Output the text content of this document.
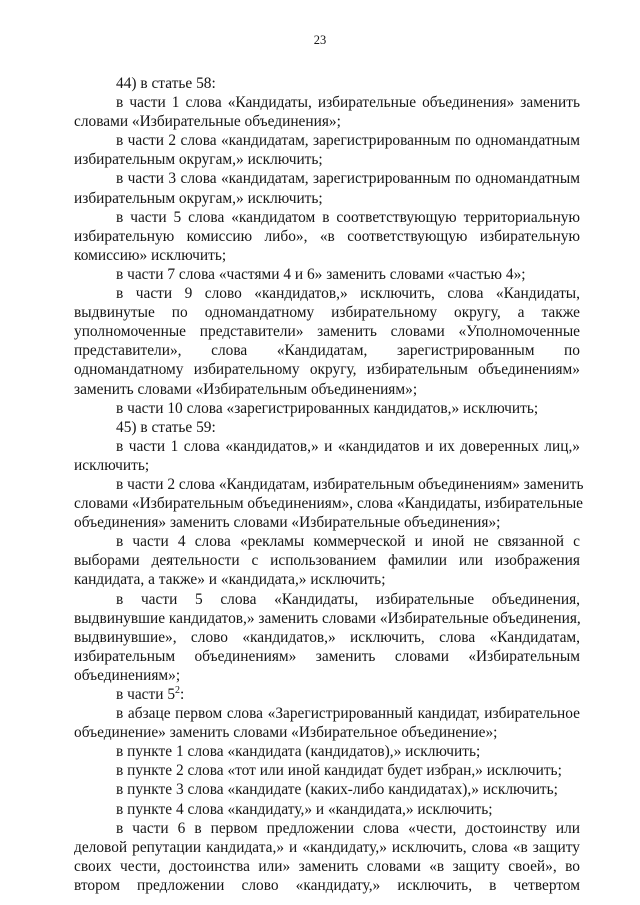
23
44) в статье 58:
в части 1 слова «Кандидаты, избирательные объединения» заменить
словами «Избирательные объединения»;
в части 2 слова «кандидатам, зарегистрированным по одномандатным
избирательным округам,» исключить;
в части 3 слова «кандидатам, зарегистрированным по одномандатным
избирательным округам,» исключить;
в части 5 слова «кандидатом в соответствующую территориальную
избирательную комиссию либо», «в соответствующую избирательную
комиссию» исключить;
в части 7 слова «частями 4 и 6» заменить словами «частью 4»;
в части 9 слово «кандидатов,» исключить, слова «Кандидаты,
выдвинутые по одномандатному избирательному округу, а также
уполномоченные представители» заменить словами «Уполномоченные
представители», слова «Кандидатам, зарегистрированным по
одномандатному избирательному округу, избирательным объединениям»
заменить словами «Избирательным объединениям»;
в части 10 слова «зарегистрированных кандидатов,» исключить;
45) в статье 59:
в части 1 слова «кандидатов,» и «кандидатов и их доверенных лиц,»
исключить;
в части 2 слова «Кандидатам, избирательным объединениям» заменить
словами «Избирательным объединениям», слова «Кандидаты, избирательные
объединения» заменить словами «Избирательные объединения»;
в части 4 слова «рекламы коммерческой и иной не связанной с
выборами деятельности с использованием фамилии или изображения
кандидата, а также» и «кандидата,» исключить;
в части 5 слова «Кандидаты, избирательные объединения,
выдвинувшие кандидатов,» заменить словами «Избирательные объединения,
выдвинувшие», слово «кандидатов,» исключить, слова «Кандидатам,
избирательным объединениям» заменить словами «Избирательным
объединениям»;
в части $5^2$:
в абзаце первом слова «Зарегистрированный кандидат, избирательное
объединение» заменить словами «Избирательное объединение»;
в пункте 1 слова «кандидата (кандидатов),» исключить;
в пункте 2 слова «тот или иной кандидат будет избран,» исключить;
в пункте 3 слова «кандидате (каких-либо кандидатах),» исключить;
в пункте 4 слова «кандидату,» и «кандидата,» исключить;
в части 6 в первом предложении слова «чести, достоинству или
деловой репутации кандидата,» и «кандидату,» исключить, слова «в защиту
своих чести, достоинства или» заменить словами «в защиту своей», во
втором предложении слово «кандидату,» исключить, в четвертом
